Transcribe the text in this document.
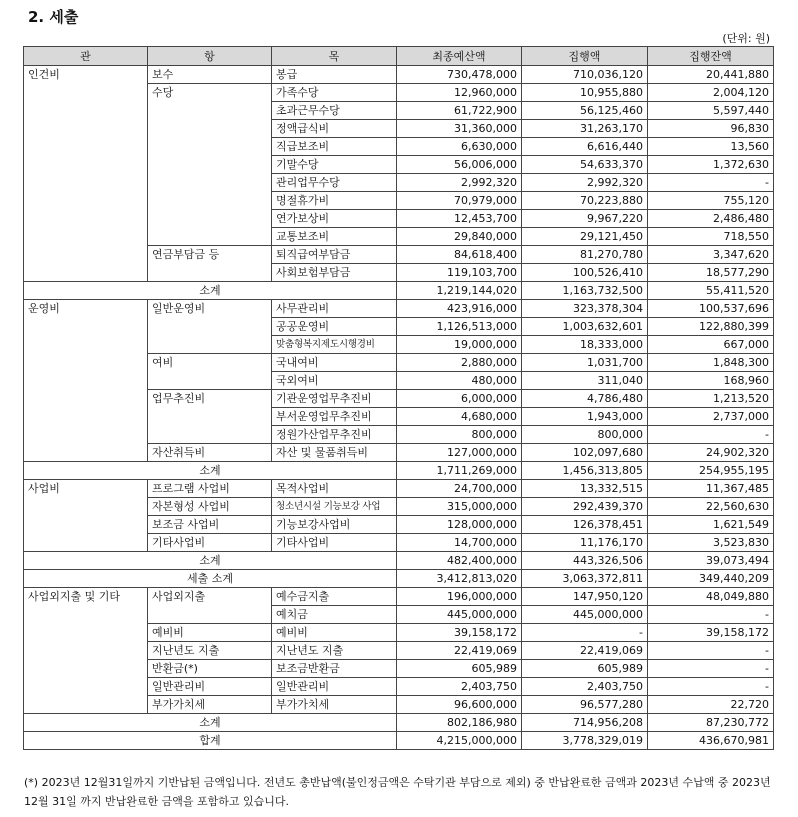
2. 세출
(단위: 원)
관	항	목	최종예산액	집행액	집행잔액
인건비	보수	봉급	730,478,000	710,036,120	20,441,880
	수당	가족수당	12,960,000	10,955,880	2,004,120
		초과근무수당	61,722,900	56,125,460	5,597,440
		정액급식비	31,360,000	31,263,170	96,830
		직급보조비	6,630,000	6,616,440	13,560
		기말수당	56,006,000	54,633,370	1,372,630
		관리업무수당	2,992,320	2,992,320	-
		명절휴가비	70,979,000	70,223,880	755,120
		연가보상비	12,453,700	9,967,220	2,486,480
		교통보조비	29,840,000	29,121,450	718,550
	연금부담금 등	퇴직급여부담금	84,618,400	81,270,780	3,347,620
		사회보험부담금	119,103,700	100,526,410	18,577,290
소계			1,219,144,020	1,163,732,500	55,411,520
운영비	일반운영비	사무관리비	423,916,000	323,378,304	100,537,696
		공공운영비	1,126,513,000	1,003,632,601	122,880,399
		맞춤형복지제도시행경비	19,000,000	18,333,000	667,000
	여비	국내여비	2,880,000	1,031,700	1,848,300
		국외여비	480,000	311,040	168,960
	업무추진비	기관운영업무추진비	6,000,000	4,786,480	1,213,520
		부서운영업무추진비	4,680,000	1,943,000	2,737,000
		정원가산업무추진비	800,000	800,000	-
	자산취득비	자산 및 물품취득비	127,000,000	102,097,680	24,902,320
소계			1,711,269,000	1,456,313,805	254,955,195
사업비	프로그램 사업비	목적사업비	24,700,000	13,332,515	11,367,485
	자본형성 사업비	청소년시설 기능보강 사업	315,000,000	292,439,370	22,560,630
	보조금 사업비	기능보강사업비	128,000,000	126,378,451	1,621,549
	기타사업비	기타사업비	14,700,000	11,176,170	3,523,830
소계			482,400,000	443,326,506	39,073,494
세출 소계			3,412,813,020	3,063,372,811	349,440,209
사업외지출 및 기타	사업외지출	예수금지출	196,000,000	147,950,120	48,049,880
		예치금	445,000,000	445,000,000	-
	예비비	예비비	39,158,172	-	39,158,172
	지난년도 지출	지난년도 지출	22,419,069	22,419,069	-
	반환금(*)	보조금반환금	605,989	605,989	-
	일반관리비	일반관리비	2,403,750	2,403,750	-
	부가가치세	부가가치세	96,600,000	96,577,280	22,720
소계			802,186,980	714,956,208	87,230,772
합계			4,215,000,000	3,778,329,019	436,670,981
(*) 2023년 12월31일까지 기반납된 금액입니다. 전년도 총반납액(불인정금액은 수탁기관 부담으로 제외) 중 반납완료한 금액과 2023년 수납액 중 2023년 12월 31일 까지 반납완료한 금액을 포함하고 있습니다.
